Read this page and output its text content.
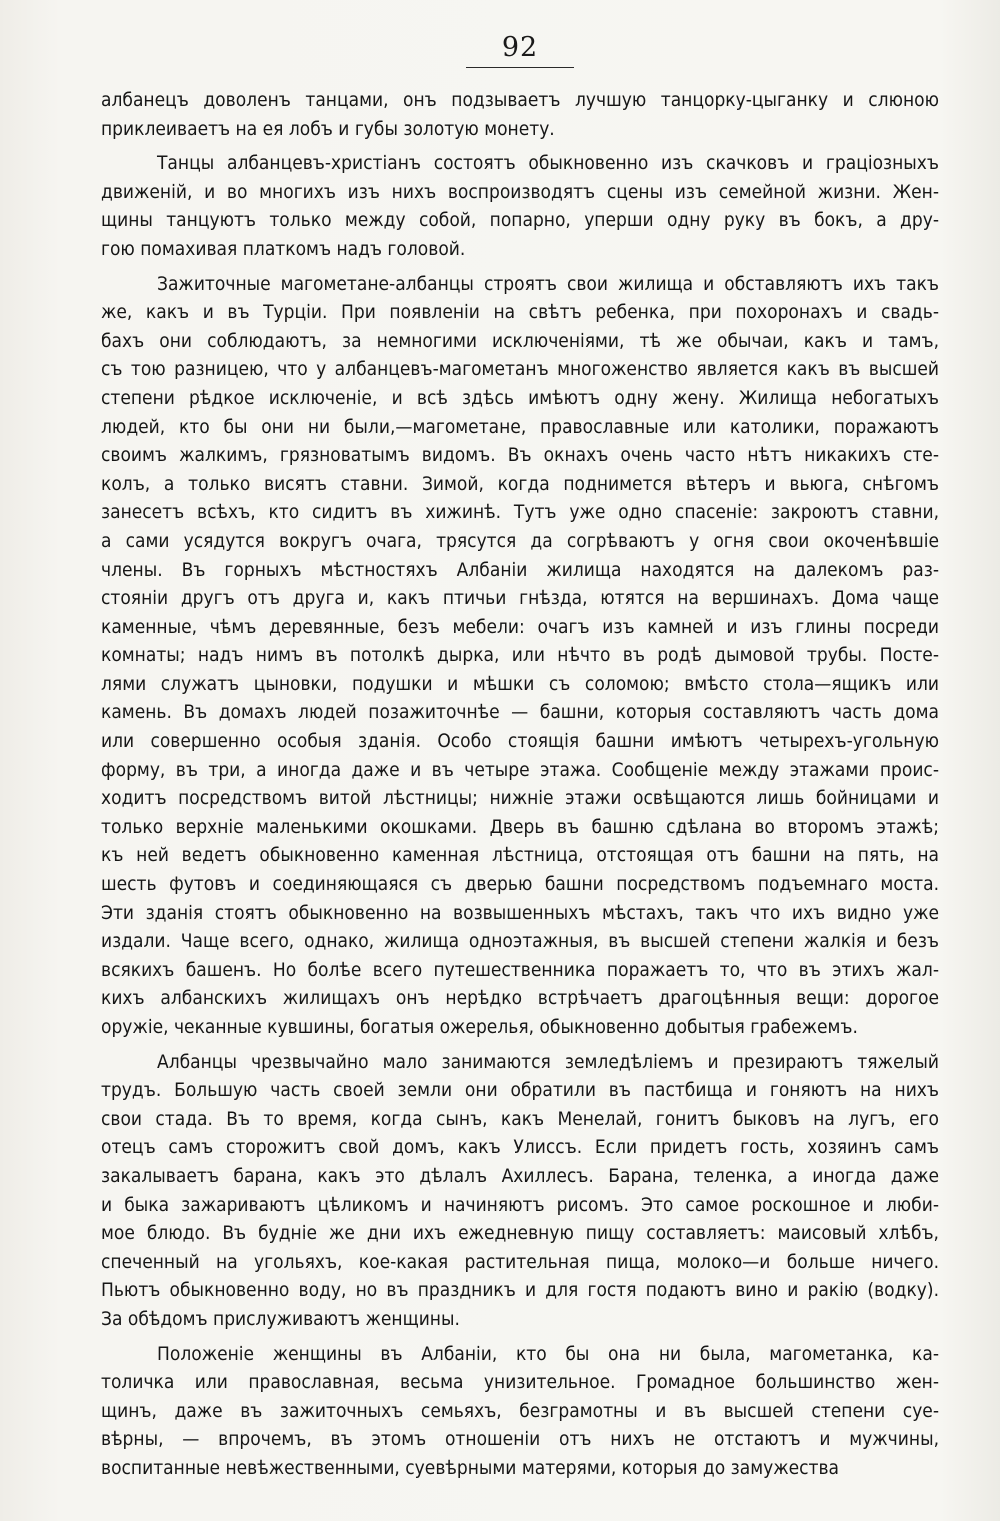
92
албанецъ доволенъ танцами, онъ подзываетъ лучшую танцорку-цыганку и слюною
приклеиваетъ на ея лобъ и губы золотую монету.
Танцы албанцевъ-христіанъ состоятъ обыкновенно изъ скачковъ и граціозныхъ
движеній, и во многихъ изъ нихъ воспроизводятъ сцены изъ семейной жизни. Жен-
щины танцуютъ только между собой, попарно, уперши одну руку въ бокъ, а дру-
гою помахивая платкомъ надъ головой.
Зажиточные магометане-албанцы строятъ свои жилища и обставляютъ ихъ такъ
же, какъ и въ Турціи. При появленіи на свѣтъ ребенка, при похоронахъ и свадь-
бахъ они соблюдаютъ, за немногими исключеніями, тѣ же обычаи, какъ и тамъ,
съ тою разницею, что у албанцевъ-магометанъ многоженство является какъ въ высшей
степени рѣдкое исключеніе, и всѣ здѣсь имѣютъ одну жену. Жилища небогатыхъ
людей, кто бы они ни были,—магометане, православные или католики, поражаютъ
своимъ жалкимъ, грязноватымъ видомъ. Въ окнахъ очень часто нѣтъ никакихъ сте-
колъ, а только висятъ ставни. Зимой, когда поднимется вѣтеръ и вьюга, снѣгомъ
занесетъ всѣхъ, кто сидитъ въ хижинѣ. Тутъ уже одно спасеніе: закроютъ ставни,
а сами усядутся вокругъ очага, трясутся да согрѣваютъ у огня свои окоченѣвшіе
члены. Въ горныхъ мѣстностяхъ Албаніи жилища находятся на далекомъ раз-
стояніи другъ отъ друга и, какъ птичьи гнѣзда, ютятся на вершинахъ. Дома чаще
каменные, чѣмъ деревянные, безъ мебели: очагъ изъ камней и изъ глины посреди
комнаты; надъ нимъ въ потолкѣ дырка, или нѣчто въ родѣ дымовой трубы. Посте-
лями служатъ цыновки, подушки и мѣшки съ соломою; вмѣсто стола—ящикъ или
камень. Въ домахъ людей позажиточнѣе — башни, которыя составляютъ часть дома
или совершенно особыя зданія. Особо стоящія башни имѣютъ четырехъ-угольную
форму, въ три, а иногда даже и въ четыре этажа. Сообщеніе между этажами проис-
ходитъ посредствомъ витой лѣстницы; нижніе этажи освѣщаются лишь бойницами и
только верхніе маленькими окошками. Дверь въ башню сдѣлана во второмъ этажѣ;
къ ней ведетъ обыкновенно каменная лѣстница, отстоящая отъ башни на пять, на
шесть футовъ и соединяющаяся съ дверью башни посредствомъ подъемнаго моста.
Эти зданія стоятъ обыкновенно на возвышенныхъ мѣстахъ, такъ что ихъ видно уже
издали. Чаще всего, однако, жилища одноэтажныя, въ высшей степени жалкія и безъ
всякихъ башенъ. Но болѣе всего путешественника поражаетъ то, что въ этихъ жал-
кихъ албанскихъ жилищахъ онъ нерѣдко встрѣчаетъ драгоцѣнныя вещи: дорогое
оружіе, чеканные кувшины, богатыя ожерелья, обыкновенно добытыя грабежемъ.
Албанцы чрезвычайно мало занимаются земледѣліемъ и презираютъ тяжелый
трудъ. Большую часть своей земли они обратили въ пастбища и гоняютъ на нихъ
свои стада. Въ то время, когда сынъ, какъ Менелай, гонитъ быковъ на лугъ, его
отецъ самъ сторожитъ свой домъ, какъ Улиссъ. Если придетъ гость, хозяинъ самъ
закалываетъ барана, какъ это дѣлалъ Ахиллесъ. Барана, теленка, а иногда даже
и быка зажариваютъ цѣликомъ и начиняютъ рисомъ. Это самое роскошное и люби-
мое блюдо. Въ будніе же дни ихъ ежедневную пищу составляетъ: маисовый хлѣбъ,
спеченный на угольяхъ, кое-какая растительная пища, молоко—и больше ничего.
Пьютъ обыкновенно воду, но въ праздникъ и для гостя подаютъ вино и ракію (водку).
За обѣдомъ прислуживаютъ женщины.
Положеніе женщины въ Албаніи, кто бы она ни была, магометанка, ка-
толичка или православная, весьма унизительное. Громадное большинство жен-
щинъ, даже въ зажиточныхъ семьяхъ, безграмотны и въ высшей степени суе-
вѣрны, — впрочемъ, въ этомъ отношеніи отъ нихъ не отстаютъ и мужчины,
воспитанные невѣжественными, суевѣрными матерями, которыя до замужества
